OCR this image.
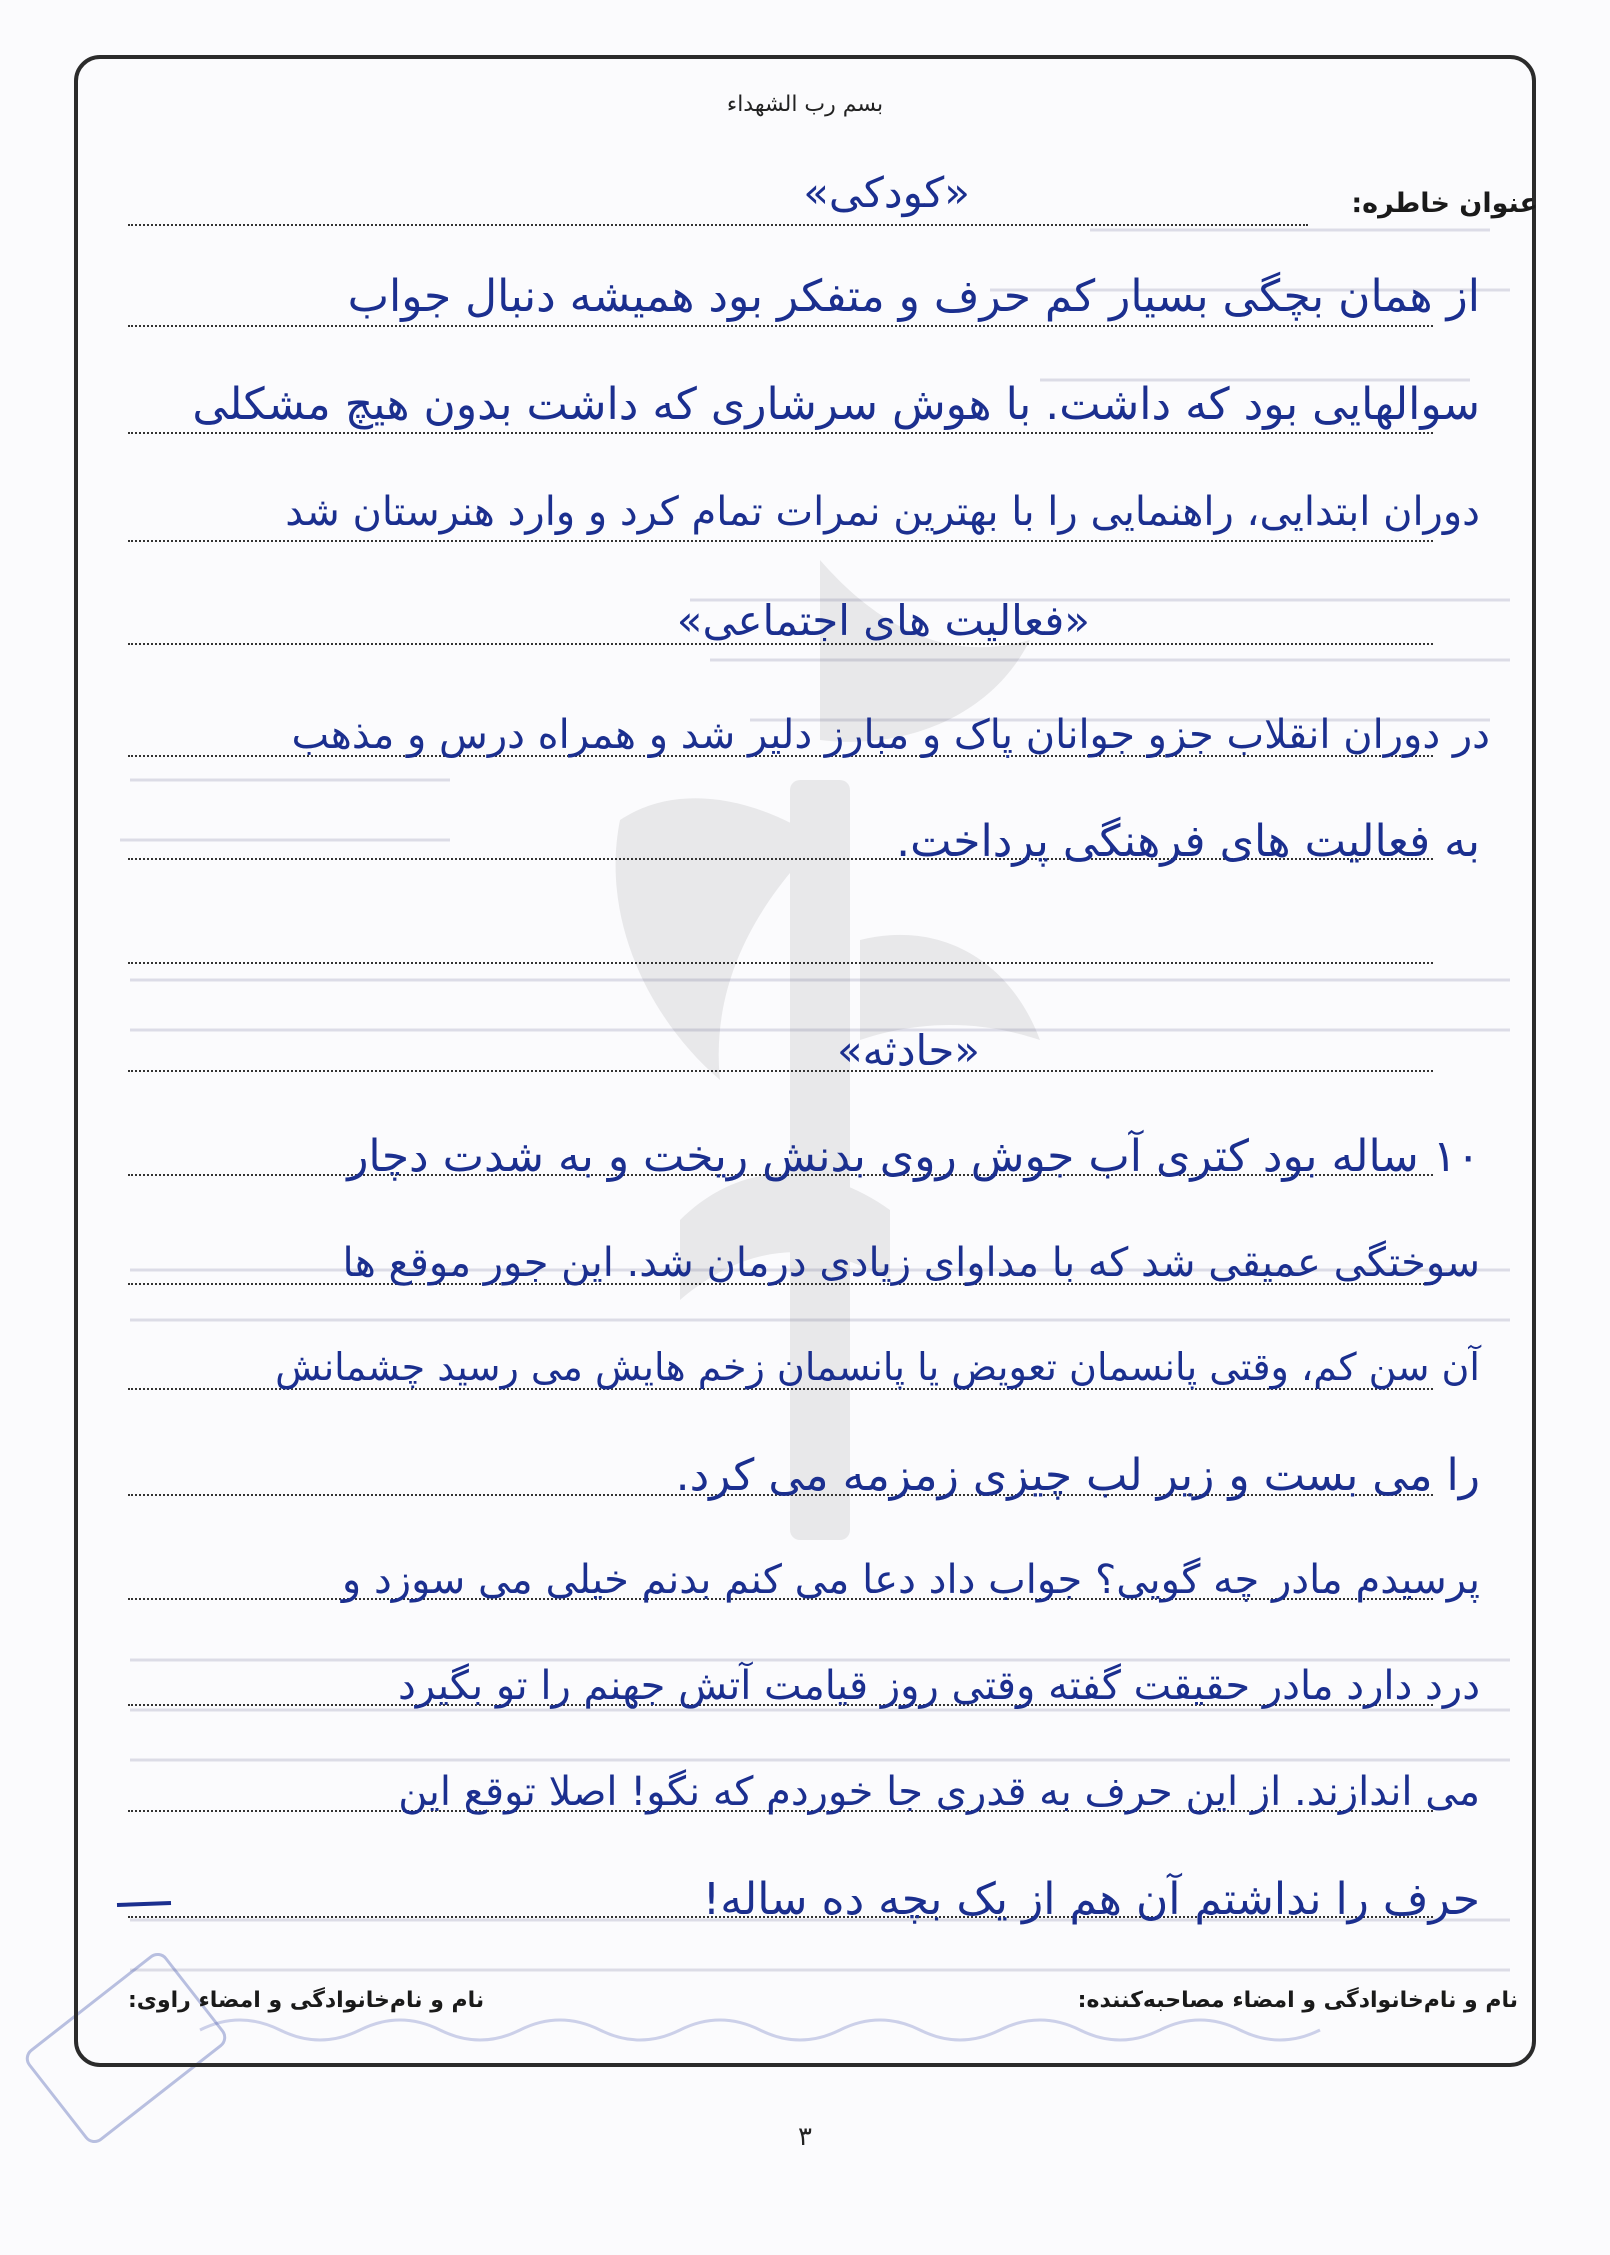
بسم رب الشهداء
عنوان خاطره:
«کودکی»
از همان بچگی بسیار کم حرف و متفکر بود همیشه دنبال جواب
سوالهایی بود که داشت. با هوش سرشاری که داشت بدون هیچ مشکلی
دوران ابتدایی، راهنمایی را با بهترین نمرات تمام کرد و وارد هنرستان شد
«فعالیت های اجتماعی»
در دوران انقلاب جزو جوانان پاک و مبارز دلیر شد و همراه درس و مذهب
به فعالیت های فرهنگی پرداخت.
«حادثه»
۱۰ ساله بود کتری آب جوش روی بدنش ریخت و به شدت دچار
سوختگی عمیقی شد که با مداوای زیادی درمان شد. این جور موقع ها
آن سن کم، وقتی پانسمان تعویض یا پانسمان زخم هایش می رسید چشمانش
را می بست و زیر لب چیزی زمزمه می کرد.
پرسیدم مادر چه گویی؟ جواب داد دعا می کنم بدنم خیلی می سوزد و
درد دارد مادر حقیقت گفته وقتی روز قیامت آتش جهنم را تو بگیرد
می اندازند. از این حرف به قدری جا خوردم که نگو! اصلا توقع این
حرف را نداشتم آن هم از یک بچه ده ساله!
نام و نام‌خانوادگی و امضاء مصاحبه‌کننده:
نام و نام‌خانوادگی و امضاء راوی:
۳
